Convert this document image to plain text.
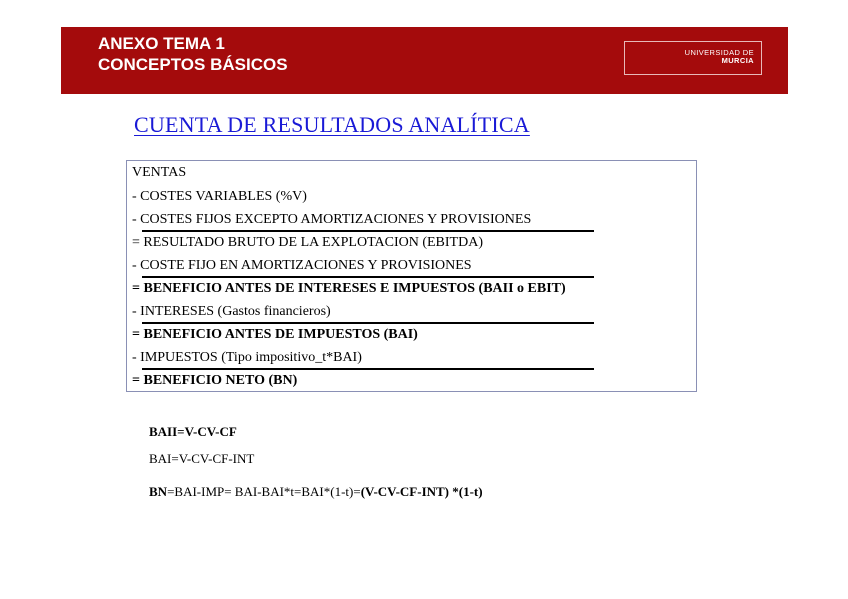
ANEXO TEMA 1
CONCEPTOS BÁSICOS
UNIVERSIDAD DE
MURCIA
CUENTA DE RESULTADOS ANALÍTICA
VENTAS
- COSTES VARIABLES (%V)
- COSTES FIJOS EXCEPTO AMORTIZACIONES Y PROVISIONES
= RESULTADO BRUTO DE LA EXPLOTACION (EBITDA)
- COSTE FIJO EN AMORTIZACIONES Y PROVISIONES
= BENEFICIO ANTES DE INTERESES E IMPUESTOS (BAII o EBIT)
- INTERESES (Gastos financieros)
= BENEFICIO ANTES DE IMPUESTOS (BAI)
- IMPUESTOS (Tipo impositivo_t*BAI)
= BENEFICIO NETO (BN)
BAII=V-CV-CF
BAI=V-CV-CF-INT
BN=BAI-IMP= BAI-BAI*t=BAI*(1-t)=(V-CV-CF-INT) *(1-t)
